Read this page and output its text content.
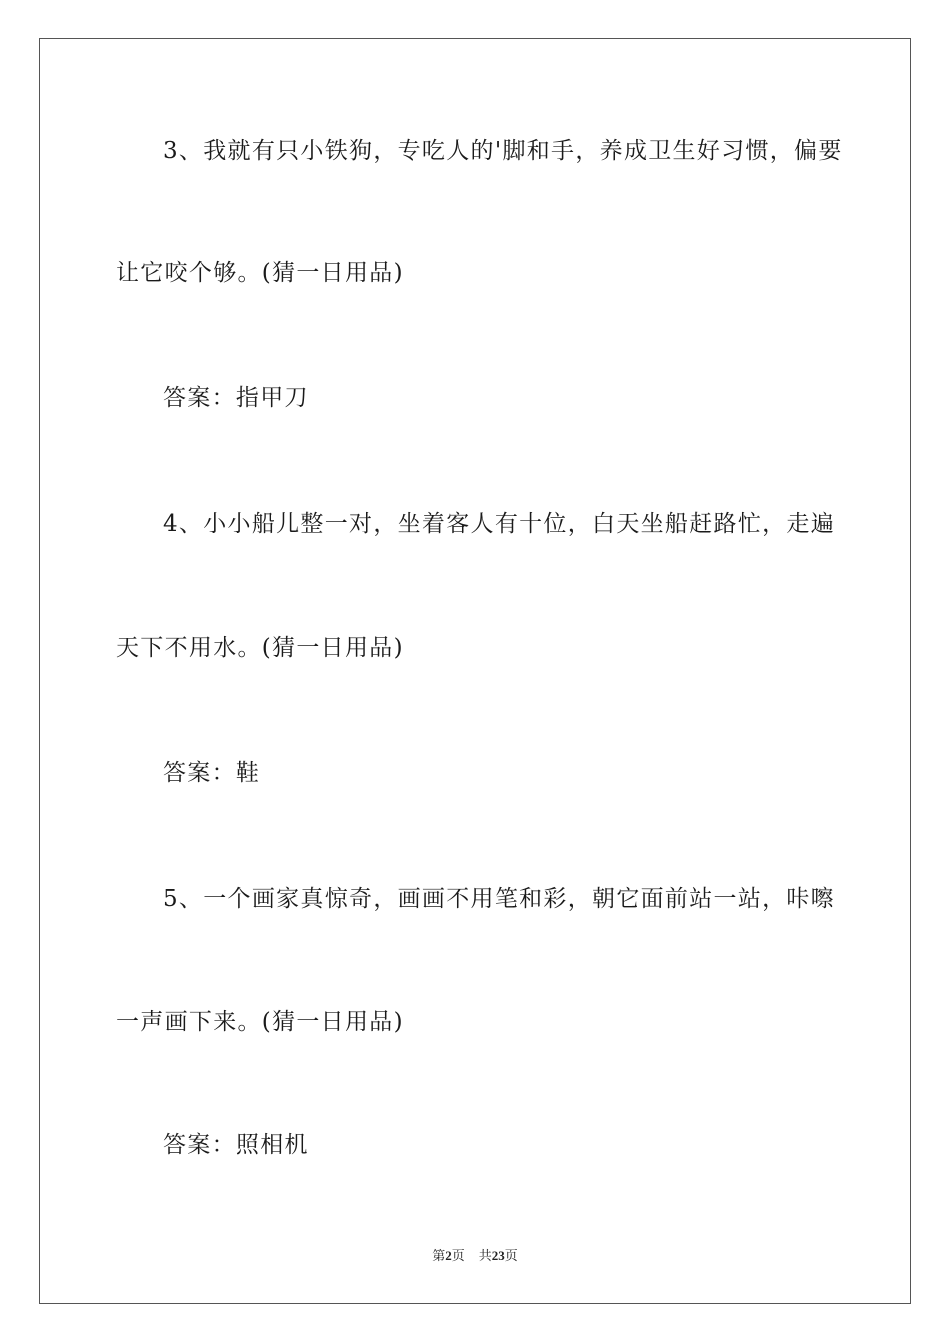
3、我就有只小铁狗，专吃人的'脚和手，养成卫生好习惯，偏要
让它咬个够。(猜一日用品)
答案：指甲刀
4、小小船儿整一对，坐着客人有十位，白天坐船赶路忙，走遍
天下不用水。(猜一日用品)
答案：鞋
5、一个画家真惊奇，画画不用笔和彩，朝它面前站一站，咔嚓
一声画下来。(猜一日用品)
答案：照相机
第2页 共23页
